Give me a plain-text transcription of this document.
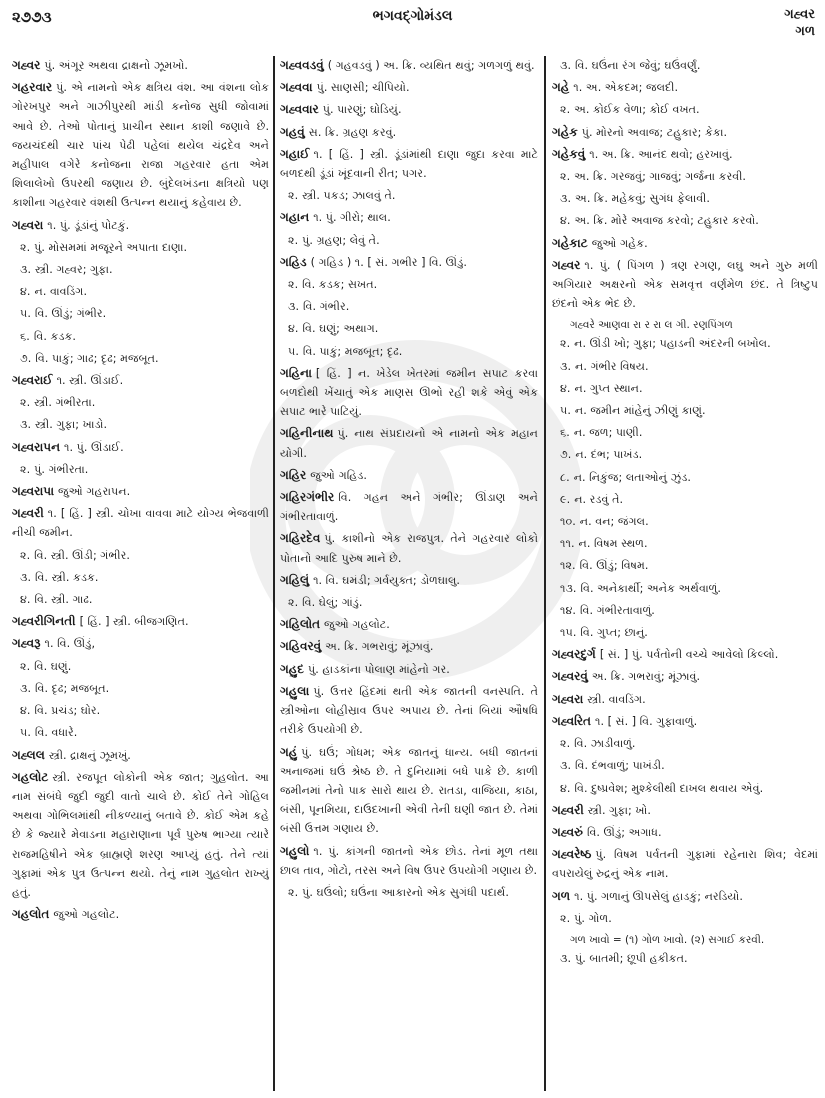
૨૭૭૩	ભગવદ્ગોમંડલ	ગહ્વર
ગળ
ગહ્વર પું. અંગૂર અથવા દ્રાક્ષનો ઝૂમખો.
ગહરવાર પું. એ નામનો એક ક્ષત્રિય વંશ. આ વંશના લોક ગોરખપુર અને ગાઝીપુરથી માંડી કનોજ સુધી જોવામાં આવે છે. તેઓ પોતાનું પ્રાચીન સ્થાન કાશી જણાવે છે. જયચંદથી ચાર પાંચ પેઢી પહેલાં થયેલ ચંદ્રદેવ અને મહીપાલ વગેરે કનોજના રાજા ગહરવાર હતા એમ શિલાલેખો ઉપરથી જણાય છે. બુંદેલખંડના ક્ષત્રિયો પણ કાશીના ગહરવાર વંશથી ઉત્પન્ન થયાનું કહેવાય છે.
ગહ્વરા ૧. પું. ડૂંડાંનું પોટકું.
૨. પું. મોસમમાં મજૂરને અપાતા દાણા.
૩. સ્ત્રી. ગહ્વર; ગુફા.
૪. ન. વાવડિંગ.
૫. વિ. ઊંડું; ગંભીર.
૬. વિ. કડક.
૭. વિ. પાકું; ગાઢ; દૃઢ; મજબૂત.
ગહ્વરાઈ ૧. સ્ત્રી. ઊંડાઈ.
૨. સ્ત્રી. ગંભીરતા.
૩. સ્ત્રી. ગુફા; ખાડો.
ગહ્વરાપન ૧. પું. ઊંડાઈ.
૨. પું. ગંભીરતા.
ગહ્વરાપા જુઓ ગહરાપન.
ગહ્વરી ૧. [ હિં. ] સ્ત્રી. ચોખા વાવવા માટે યોગ્ય ભેજવાળી નીચી જમીન.
૨. વિ. સ્ત્રી. ઊંડી; ગંભીર.
૩. વિ. સ્ત્રી. કડક.
૪. વિ. સ્ત્રી. ગાઢ.
ગહ્વરીગિનતી [ હિં. ] સ્ત્રી. બીજગણિત.
ગહ્વરૂ ૧. વિ. ઊંડું,
૨. વિ. ઘણું.
૩. વિ. દૃઢ; મજબૂત.
૪. વિ. પ્રચંડ; ઘોર.
૫. વિ. વધારે.
ગહ્લલ સ્ત્રી. દ્રાક્ષનું ઝૂમખું.
ગહલોટ સ્ત્રી. રજપૂત લોકોની એક જાત; ગુહલોત. આ નામ સંબંધે જુદી જુદી વાતો ચાલે છે. કોઈ તેને ગોહિલ અથવા ગોભિલમાંથી નીકળ્યાનું બતાવે છે. કોઈ એમ કહે છે કે જ્યારે મેવાડના મહારાણાના પૂર્વ પુરુષ ભાગ્યા ત્યારે રાજમહિષીને એક બ્રાહ્મણે શરણ આપ્યું હતું. તેને ત્યાં ગુફામાં એક પુત્ર ઉત્પન્ન થયો. તેનું નામ ગુહલોત રાખ્યું હતું.
ગહલોત જુઓ ગહલોટ.
ગહ્વવડવું ( ગહવડવું ) અ. ક્રિ. વ્યથિત થવું; ગળગળું થવું.
ગહ્વવા પું. સાણસી; ચીપિયો.
ગહ્વવાર પું. પારણું; ઘોડિયું.
ગહવું સ. ક્રિ. ગ્રહણ કરવું.
ગહાઈ ૧. [ હિં. ] સ્ત્રી. ડૂંડાંમાંથી દાણા જુદા કરવા માટે બળદથી ડૂંડાં ખૂંદવાની રીત; પગર.
૨. સ્ત્રી. પકડ; ઝાલવું તે.
ગહાન ૧. પું. ગીરો; થાલ.
૨. પું. ગ્રહણ; લેવું તે.
ગહિડ ( ગહિડ ) ૧. [ સં. ગભીર ] વિ. ઊંડું.
૨. વિ. કડક; સખત.
૩. વિ. ગંભીર.
૪. વિ. ઘણું; અથાગ.
૫. વિ. પાકું; મજબૂત; દૃઢ.
ગહિના [ હિં. ] ન. ખેડેલ ખેતરમાં જમીન સપાટ કરવા બળદોથી ખેંચાતું એક માણસ ઊભો રહી શકે એવું એક સપાટ ભારે પાટિયું.
ગહિનીનાથ પું. નાથ સંપ્રદાયનો એ નામનો એક મહાન યોગી.
ગહિર જુઓ ગહિડ.
ગહિરગંભીર વિ. ગહન અને ગંભીર; ઊંડાણ અને ગંભીરતાવાળું.
ગહિરદેવ પું. કાશીનો એક રાજપુત્ર. તેને ગહરવાર લોકો પોતાનો આદિ પુરુષ માને છે.
ગહિલું ૧. વિ. ઘમંડી; ગર્વયુક્ત; ડોળઘાલુ.
૨. વિ. ઘેલું; ગાંડું.
ગહિલોત જુઓ ગહલોટ.
ગહિવરવું અ. ક્રિ. ગભરાવું; મૂંઝાવું.
ગહુદ પું. હાડકાંના પોલાણ માંહેનો ગર.
ગહુલા પું. ઉત્તર હિંદમાં થતી એક જાતની વનસ્પતિ. તે સ્ત્રીઓના લોહીસ્રાવ ઉપર અપાય છે. તેનાં બિયાં ઔષધિ તરીકે ઉપયોગી છે.
ગહું પું. ઘઉં; ગોધમ; એક જાતનું ધાન્ય. બધી જાતનાં અનાજમાં ઘઉં શ્રેષ્ઠ છે. તે દુનિયામાં બધે પાકે છે. કાળી જમીનમાં તેનો પાક સારો થાય છે. રાતડા, વાજિયા, કાઠા, બંસી, પૂનમિયા, દાઉદખાની એવી તેની ઘણી જાત છે. તેમાં બંસી ઉત્તમ ગણાય છે.
ગહુલો ૧. પું. કાંગની જાતનો એક છોડ. તેનાં મૂળ તથા છાલ તાવ, ગોટો, તરસ અને વિષ ઉપર ઉપયોગી ગણાય છે.
૨. પું. ઘઉંલો; ઘઉંના આકારનો એક સુગંધી પદાર્થ.
૩. વિ. ઘઉંના રંગ જેવું; ઘઉંવર્ણું.
ગહે ૧. અ. એકદમ; જલદી.
૨. અ. કોઈક વેળા; કોઈ વખત.
ગહેક પું. મોરનો અવાજ; ટહુકાર; કેકા.
ગહેકવું ૧. અ. ક્રિ. આનંદ થવો; હરખાવું.
૨. અ. ક્રિ. ગરજવું; ગાજવું; ગર્જના કરવી.
૩. અ. ક્રિ. મહેકવું; સુગંધ ફેલાવી.
૪. અ. ક્રિ. મોરે અવાજ કરવો; ટહુકાર કરવો.
ગહેકાટ જુઓ ગહેક.
ગહ્વર ૧. પું. ( પિંગળ ) ત્રણ રગણ, લઘુ અને ગુરુ મળી અગિયાર અક્ષરનો એક સમવૃત્ત વર્ણમેળ છંદ. તે ત્રિષ્ટુપ છંદનો એક ભેદ છે.
ગહ્વરે આણવા રા ર રા લ ગી. રણપિંગળ
૨. ન. ઊંડી ખો; ગુફા; પહાડની અંદરની બખોલ.
૩. ન. ગંભીર વિષય.
૪. ન. ગુપ્ત સ્થાન.
૫. ન. જમીન માંહેનું ઝીણું કાણું.
૬. ન. જળ; પાણી.
૭. ન. દંભ; પાખંડ.
૮. ન. નિકુંજ; લતાઓનું ઝુંડ.
૯. ન. રડવું તે.
૧૦. ન. વન; જંગલ.
૧૧. ન. વિષમ સ્થળ.
૧૨. વિ. ઊંડું; વિષમ.
૧૩. વિ. અનેકાર્થી; અનેક અર્થવાળું.
૧૪. વિ. ગંભીરતાવાળું.
૧૫. વિ. ગુપ્ત; છાનું.
ગહ્વરદુર્ગ [ સં. ] પું. પર્વતોની વચ્ચે આવેલો કિલ્લો.
ગહ્વરવું અ. ક્રિ. ગભરાવું; મૂંઝાવું.
ગહ્વરા સ્ત્રી. વાવડિંગ.
ગહ્વરિત ૧. [ સં. ] વિ. ગુફાવાળું.
૨. વિ. ઝાડીવાળું.
૩. વિ. દંભવાળું; પાખંડી.
૪. વિ. દુષ્પ્રવેશ; મુશ્કેલીથી દાખલ થવાય એવું.
ગહ્વરી સ્ત્રી. ગુફા; ખો.
ગહ્વરું વિ. ઊંડું; અગાધ.
ગહ્વરેષ્ઠ પું. વિષમ પર્વતની ગુફામાં રહેનારા શિવ; વેદમાં વપરાયેલું રુદ્રનું એક નામ.
ગળ ૧. પું. ગળાનું ઊપસેલું હાડકું; નરડિયો.
૨. પું. ગોળ.
ગળ ખાવો = (૧) ગોળ ખાવો. (૨) સગાઈ કરવી.
૩. પું. બાતમી; છૂપી હકીકત.
